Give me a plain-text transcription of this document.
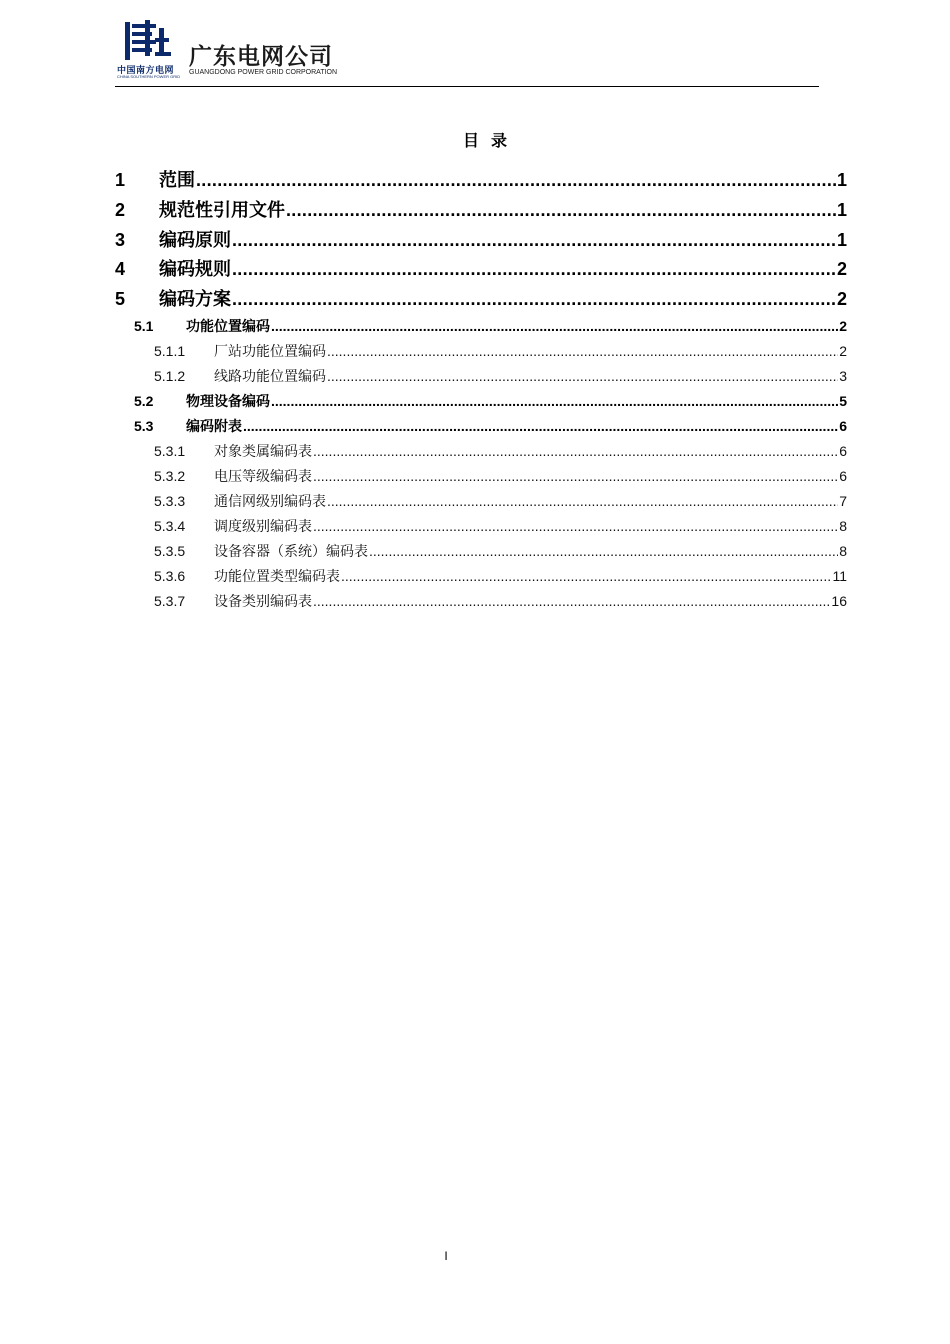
中国南方电网
CHINA SOUTHERN POWER GRID
广东电网公司
GUANGDONG POWER GRID CORPORATION
目录
1	范围 .....	1
2	规范性引用文件 .....	1
3	编码原则 .....	1
4	编码规则 .....	2
5	编码方案 .....	2
5.1	功能位置编码 .....	2
5.1.1	厂站功能位置编码 .....	2
5.1.2	线路功能位置编码 .....	3
5.2	物理设备编码 .....	5
5.3	编码附表 .....	6
5.3.1	对象类属编码表 .....	6
5.3.2	电压等级编码表 .....	6
5.3.3	通信网级别编码表 .....	7
5.3.4	调度级别编码表 .....	8
5.3.5	设备容器（系统）编码表 .....	8
5.3.6	功能位置类型编码表 .....	11
5.3.7	设备类别编码表 .....	16
I
